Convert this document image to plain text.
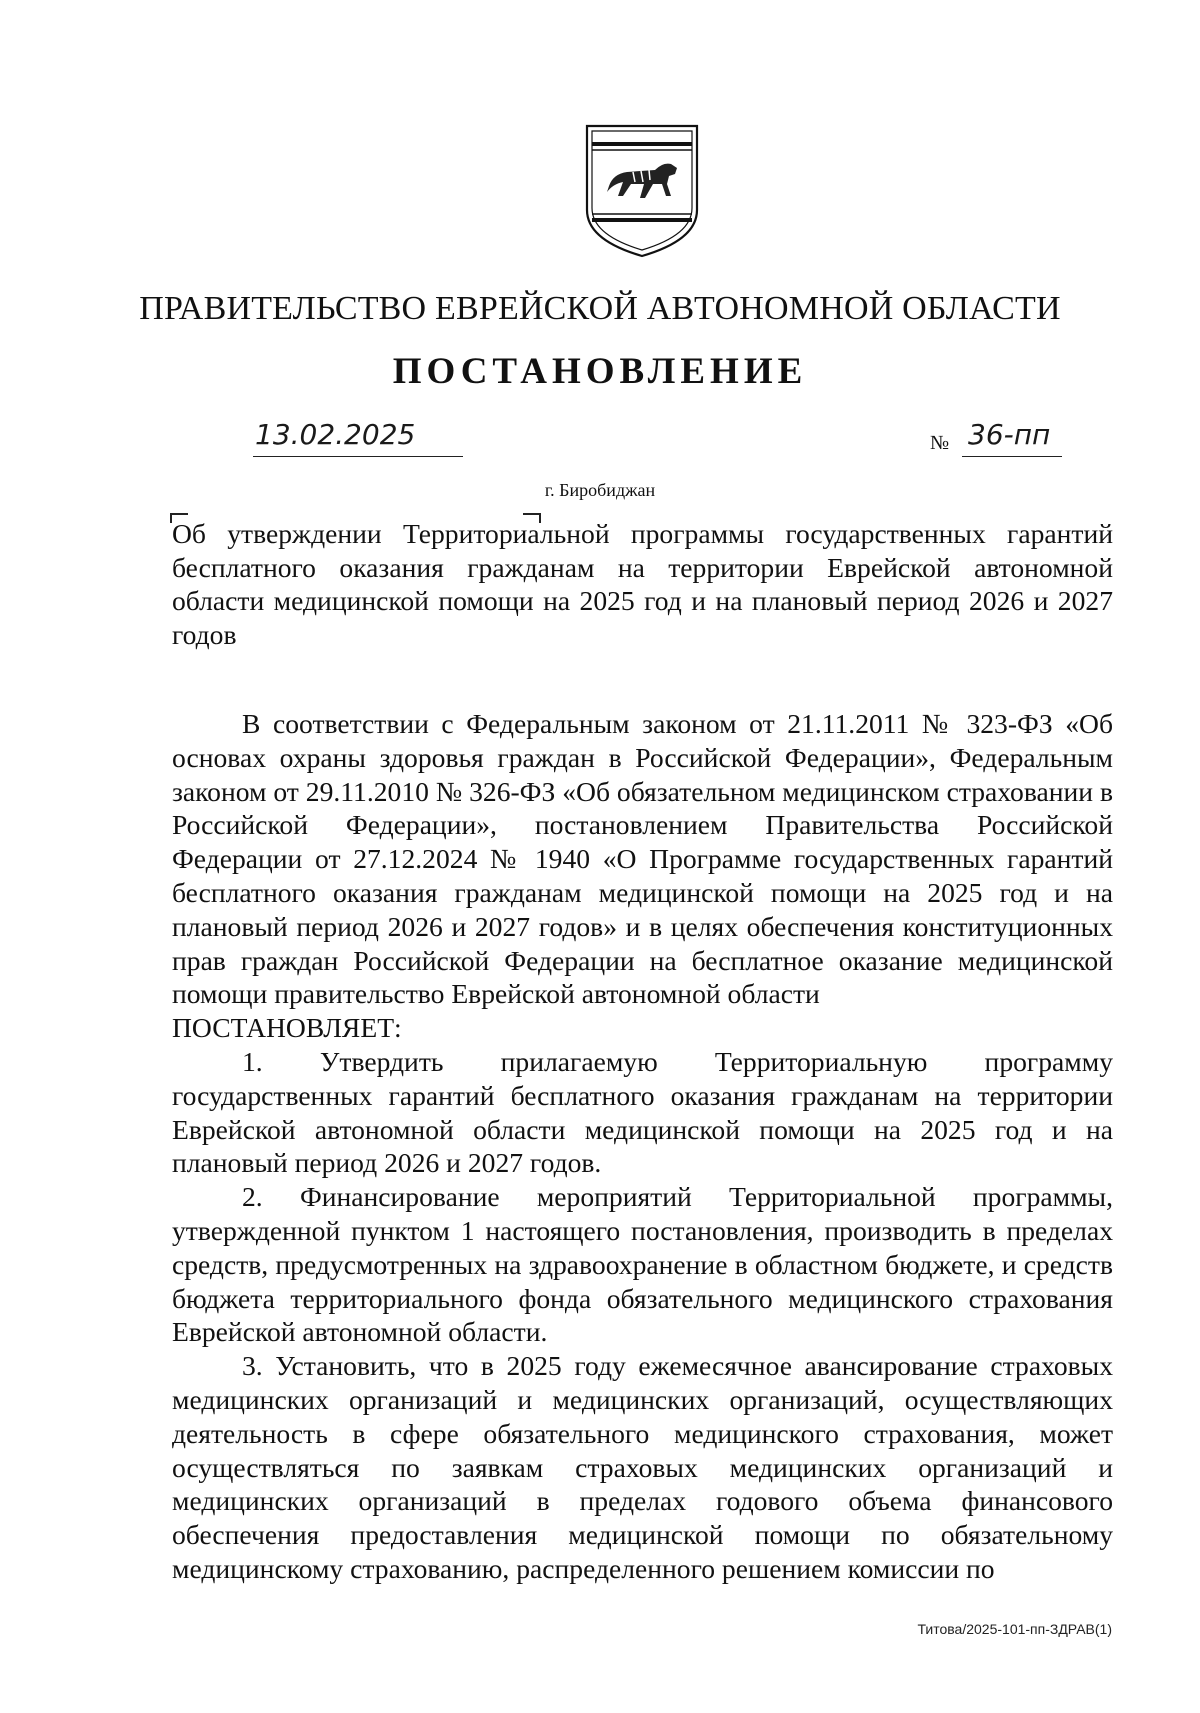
ПРАВИТЕЛЬСТВО ЕВРЕЙСКОЙ АВТОНОМНОЙ ОБЛАСТИ
ПОСТАНОВЛЕНИЕ
13.02.2025	№ 36-пп
г. Биробиджан
Об утверждении Территориальной программы государственных гарантий бесплатного оказания гражданам на территории Еврейской автономной области медицинской помощи на 2025 год и на плановый период 2026 и 2027 годов

В соответствии с Федеральным законом от 21.11.2011 № 323-ФЗ «Об основах охраны здоровья граждан в Российской Федерации», Федеральным законом от 29.11.2010 № 326-ФЗ «Об обязательном медицинском страховании в Российской Федерации», постановлением Правительства Российской Федерации от 27.12.2024 № 1940 «О Программе государственных гарантий бесплатного оказания гражданам медицинской помощи на 2025 год и на плановый период 2026 и 2027 годов» и в целях обеспечения конституционных прав граждан Российской Федерации на бесплатное оказание медицинской помощи правительство Еврейской автономной области

ПОСТАНОВЛЯЕТ:

1. Утвердить прилагаемую Территориальную программу государственных гарантий бесплатного оказания гражданам на территории Еврейской автономной области медицинской помощи на 2025 год и на плановый период 2026 и 2027 годов.

2. Финансирование мероприятий Территориальной программы, утвержденной пунктом 1 настоящего постановления, производить в пределах средств, предусмотренных на здравоохранение в областном бюджете, и средств бюджета территориального фонда обязательного медицинского страхования Еврейской автономной области.

3. Установить, что в 2025 году ежемесячное авансирование страховых медицинских организаций и медицинских организаций, осуществляющих деятельность в сфере обязательного медицинского страхования, может осуществляться по заявкам страховых медицинских организаций и медицинских организаций в пределах годового объема финансового обеспечения предоставления медицинской помощи по обязательному медицинскому страхованию, распределенного решением комиссии по

Титова/2025-101-пп-ЗДРАВ(1)
